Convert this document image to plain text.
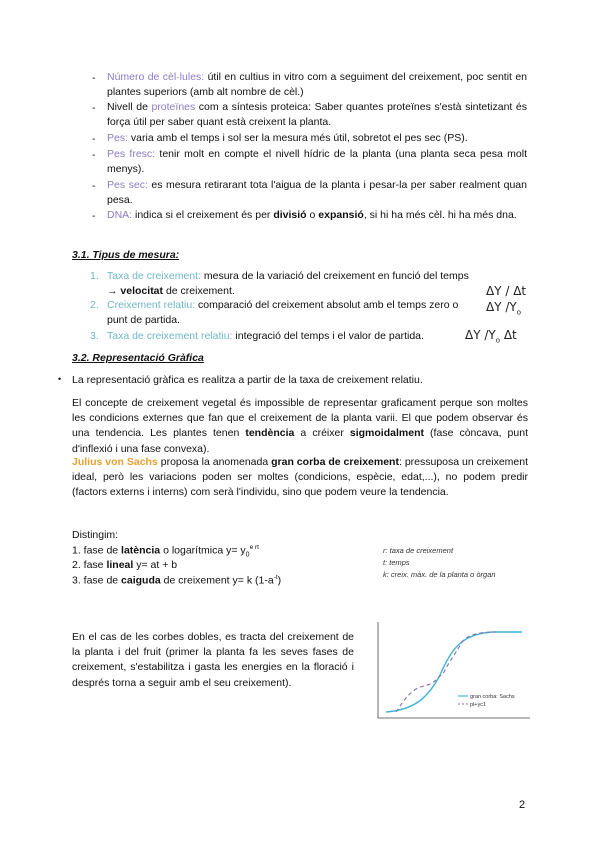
-	Número de cèl·lules: útil en cultius in vitro com a seguiment del creixement, poc sentit en plantes superiors (amb alt nombre de cèl.)
-	Nivell de proteïnes com a síntesis proteica: Saber quantes proteïnes s'està sintetizant és força útil per saber quant està creixent la planta.
-	Pes: varia amb el temps i sol ser la mesura més útil, sobretot el pes sec (PS).
-	Pes fresc: tenir molt en compte el nivell hídric de la planta (una planta seca pesa molt menys).
-	Pes sec: es mesura retirarant tota l'aigua de la planta i pesar-la per saber realment quan pesa.
-	DNA: indica si el creixement és per divisió o expansió, si hi ha més cèl. hi ha més dna.
3.1. Tipus de mesura:
1. Taxa de creixement: mesura de la variació del creixement en funció del temps → velocitat de creixement.	ΔY / Δt
2. Creixement relatiu: comparació del creixement absolut amb el temps zero o punt de partida.
ΔY $/Y_o$
3. Taxa de creixement relatiu: integració del temps i el valor de partida.	ΔY $/Y_o$ Δt
3.2. Representació Gràfica
• La representació gràfica es realitza a partir de la taxa de creixement relatiu.
El concepte de creixement vegetal és impossible de representar graficament perque son moltes les condicions externes que fan que el creixement de la planta varii. El que podem observar és una tendencia. Les plantes tenen tendència a créixer sigmoidalment (fase còncava, punt d'inflexió i una fase convexa).
Julius von Sachs proposa la anomenada gran corba de creixement: pressuposa un creixement ideal, però les variacions poden ser moltes (condicions, espècie, edat,...), no podem predir (factors externs i interns) com serà l'individu, sino que podem veure la tendencia.
Distingim:
1. fase de latència o logarítmica $y= y_0^{e rt}$
2. fase lineal y= at + b
3. fase de caiguda de creixement y= k $(1-a^{-t})$
r: taxa de creixement
t: temps
k: creix. màx. de la planta o òrgan
En el cas de les corbes dobles, es tracta del creixement de la planta i del fruit (primer la planta fa les seves fases de creixement, s'estabilitza i gasta les energies en la floració i després torna a seguir amb el seu creixement).
gran corba: Sachs
pl+yc1
2
